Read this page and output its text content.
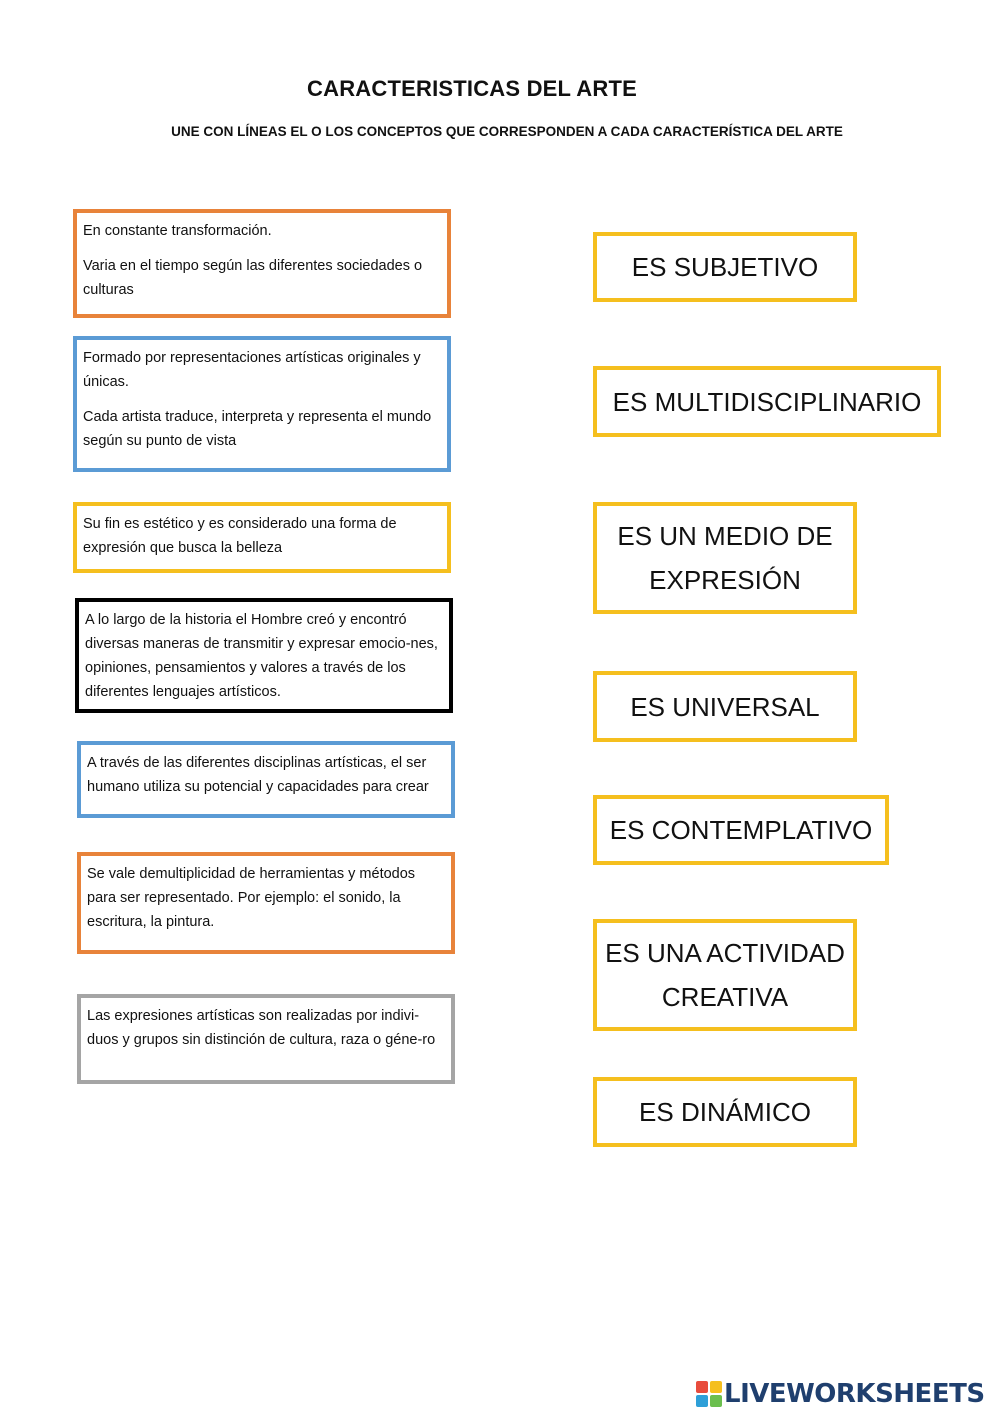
CARACTERISTICAS DEL ARTE
UNE CON LÍNEAS EL O LOS CONCEPTOS QUE CORRESPONDEN A CADA CARACTERÍSTICA DEL ARTE

En constante transformación.

Varia en el tiempo según las diferentes sociedades o culturas

Formado por representaciones artísticas originales y únicas.

Cada artista traduce, interpreta y representa el mundo según su punto de vista

Su fin es estético y es considerado una forma de expresión que busca la belleza

A lo largo de la historia el Hombre creó y encontró diversas maneras de transmitir y expresar emocio-nes, opiniones, pensamientos y valores a través de los diferentes lenguajes artísticos.

A través de las diferentes disciplinas artísticas, el ser humano utiliza su potencial y capacidades para crear

Se vale demultiplicidad de herramientas y métodos para ser representado. Por ejemplo: el sonido, la escritura, la pintura.

Las expresiones artísticas son realizadas por indivi-duos y grupos sin distinción de cultura, raza o géne-ro

ES SUBJETIVO
ES MULTIDISCIPLINARIO
ES UN MEDIO DE EXPRESIÓN
ES UNIVERSAL
ES CONTEMPLATIVO
ES UNA ACTIVIDAD CREATIVA
ES DINÁMICO
LIVEWORKSHEETS
